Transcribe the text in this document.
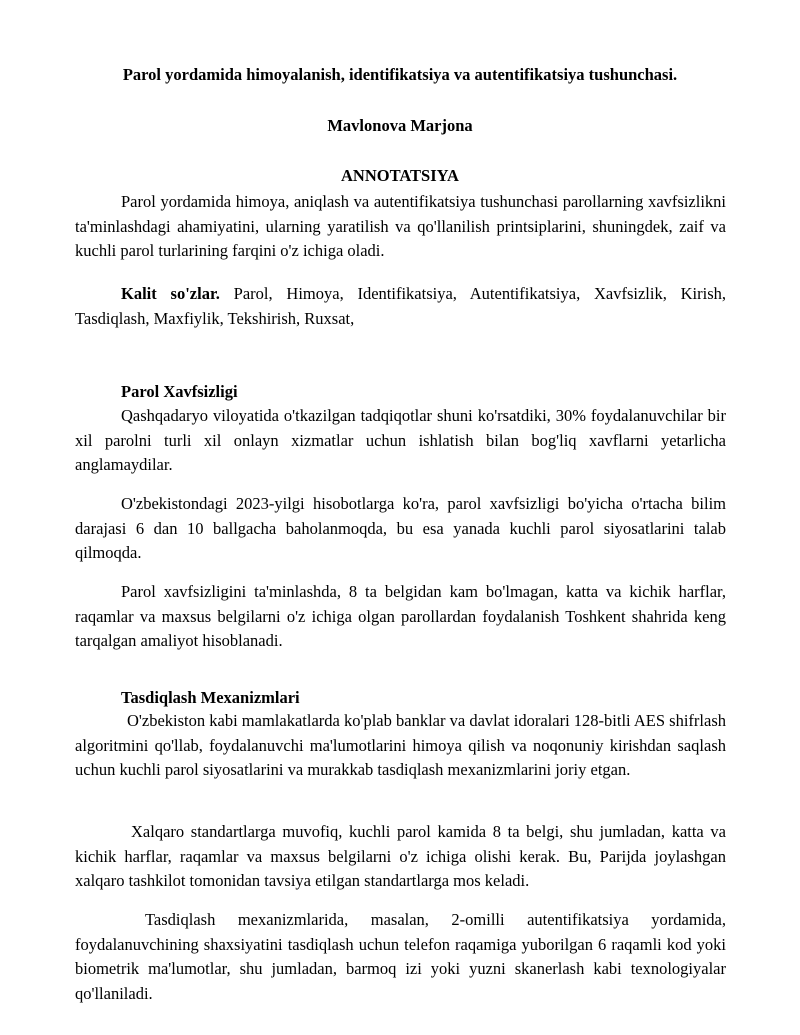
Parol yordamida himoyalanish, identifikatsiya va autentifikatsiya tushunchasi.
Mavlonova Marjona
ANNOTATSIYA

Parol yordamida himoya, aniqlash va autentifikatsiya tushunchasi parollarning xavfsizlikni ta'minlashdagi ahamiyatini, ularning yaratilish va qo'llanilish printsiplarini, shuningdek, zaif va kuchli parol turlarining farqini o'z ichiga oladi.

Kalit so'zlar. Parol, Himoya, Identifikatsiya, Autentifikatsiya, Xavfsizlik, Kirish, Tasdiqlash, Maxfiylik, Tekshirish, Ruxsat,

Parol Xavfsizligi

Qashqadaryo viloyatida o'tkazilgan tadqiqotlar shuni ko'rsatdiki, 30% foydalanuvchilar bir xil parolni turli xil onlayn xizmatlar uchun ishlatish bilan bog'liq xavflarni yetarlicha anglamaydilar.

O'zbekistondagi 2023-yilgi hisobotlarga ko'ra, parol xavfsizligi bo'yicha o'rtacha bilim darajasi 6 dan 10 ballgacha baholanmoqda, bu esa yanada kuchli parol siyosatlarini talab qilmoqda.

Parol xavfsizligini ta'minlashda, 8 ta belgidan kam bo'lmagan, katta va kichik harflar, raqamlar va maxsus belgilarni o'z ichiga olgan parollardan foydalanish Toshkent shahrida keng tarqalgan amaliyot hisoblanadi.

Tasdiqlash Mexanizmlari

O'zbekiston kabi mamlakatlarda ko'plab banklar va davlat idoralari 128-bitli AES shifrlash algoritmini qo'llab, foydalanuvchi ma'lumotlarini himoya qilish va noqonuniy kirishdan saqlash uchun kuchli parol siyosatlarini va murakkab tasdiqlash mexanizmlarini joriy etgan.

Xalqaro standartlarga muvofiq, kuchli parol kamida 8 ta belgi, shu jumladan, katta va kichik harflar, raqamlar va maxsus belgilarni o'z ichiga olishi kerak. Bu, Parijda joylashgan xalqaro tashkilot tomonidan tavsiya etilgan standartlarga mos keladi.

Tasdiqlash mexanizmlarida, masalan, 2-omilli autentifikatsiya yordamida, foydalanuvchining shaxsiyatini tasdiqlash uchun telefon raqamiga yuborilgan 6 raqamli kod yoki biometrik ma'lumotlar, shu jumladan, barmoq izi yoki yuzni skanerlash kabi texnologiyalar qo'llaniladi.
